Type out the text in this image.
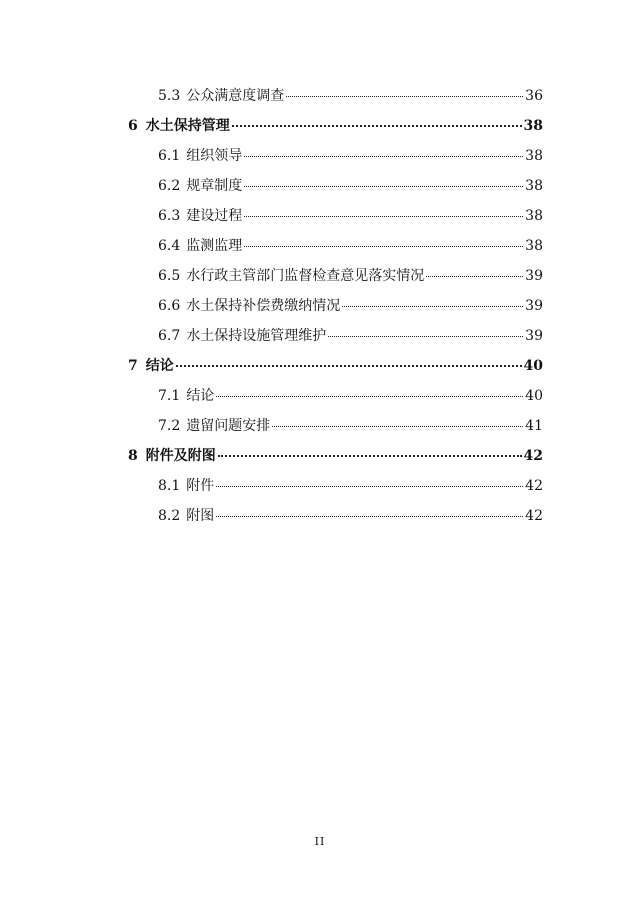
5.3 公众满意度调查	36
6 水土保持管理	38
6.1 组织领导	38
6.2 规章制度	38
6.3 建设过程	38
6.4 监测监理	38
6.5 水行政主管部门监督检查意见落实情况	39
6.6 水土保持补偿费缴纳情况	39
6.7 水土保持设施管理维护	39
7 结论	40
7.1 结论	40
7.2 遗留问题安排	41
8 附件及附图	42
8.1 附件	42
8.2 附图	42
II
